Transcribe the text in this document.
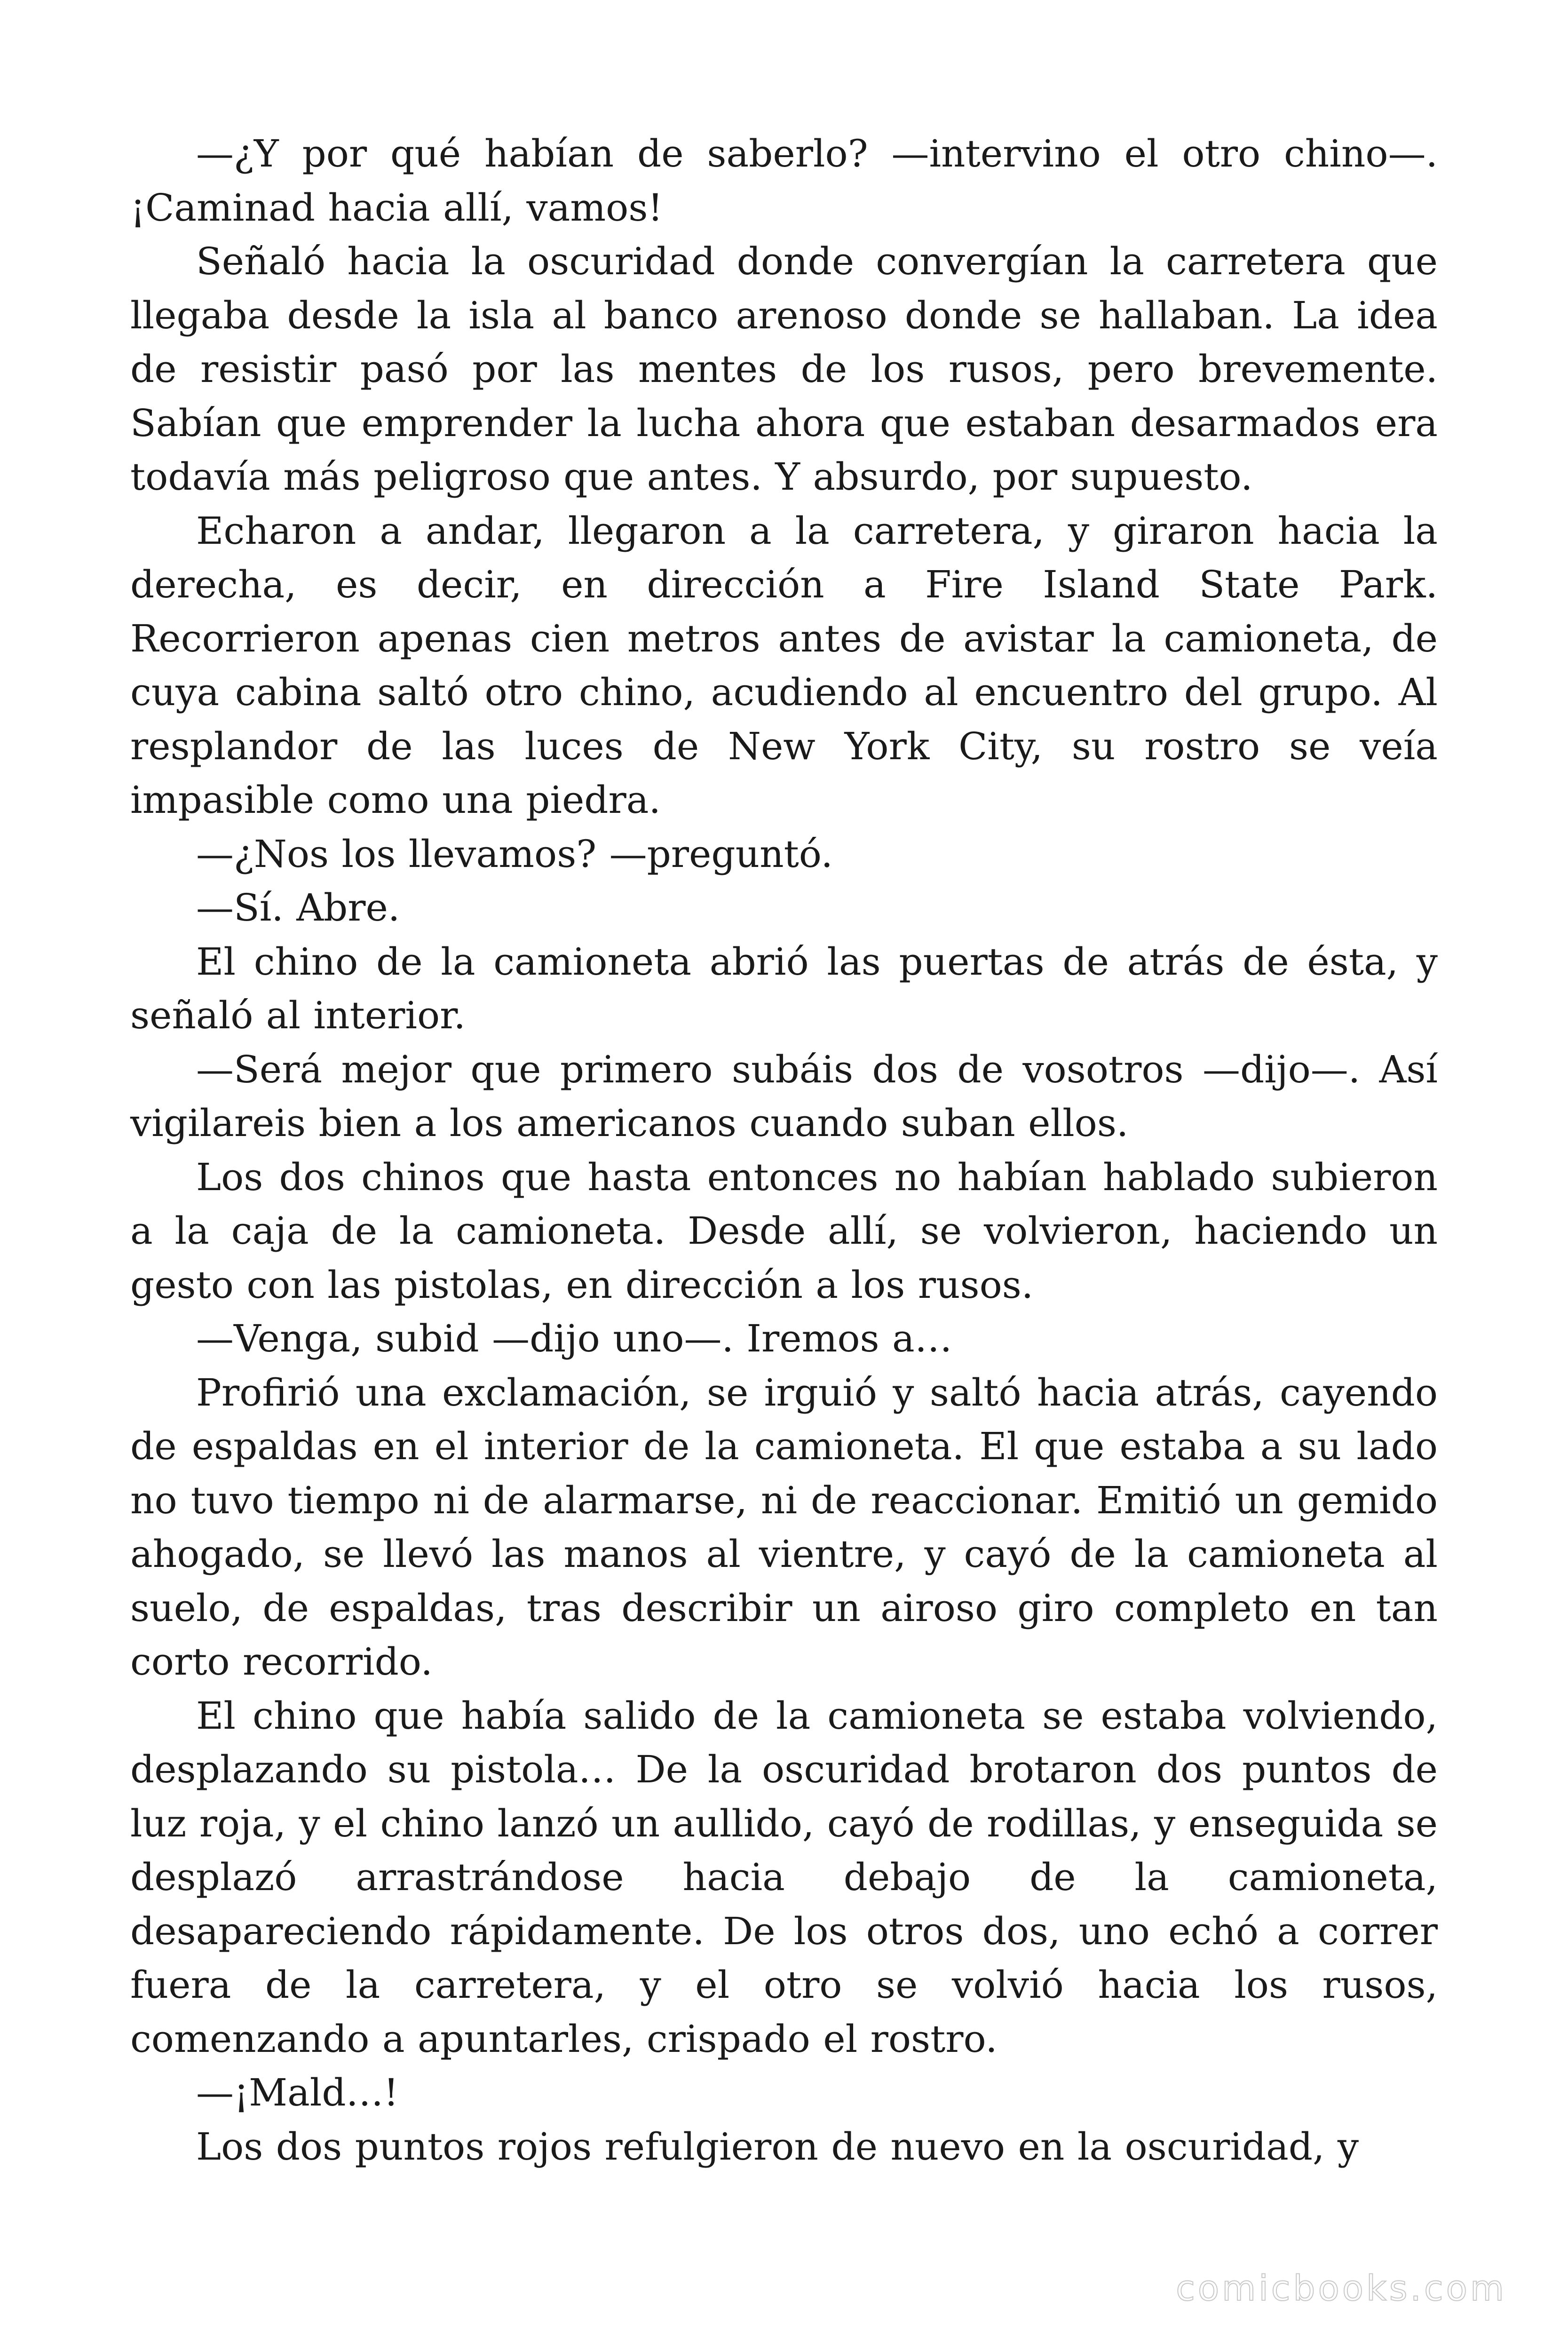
—¿Y por qué habían de saberlo? —intervino el otro chino—. ¡Caminad hacia allí, vamos!

Señaló hacia la oscuridad donde convergían la carretera que llegaba desde la isla al banco arenoso donde se hallaban. La idea de resistir pasó por las mentes de los rusos, pero brevemente. Sabían que emprender la lucha ahora que estaban desarmados era todavía más peligroso que antes. Y absurdo, por supuesto.

Echaron a andar, llegaron a la carretera, y giraron hacia la derecha, es decir, en dirección a Fire Island State Park. Recorrieron apenas cien metros antes de avistar la camioneta, de cuya cabina saltó otro chino, acudiendo al encuentro del grupo. Al resplandor de las luces de New York City, su rostro se veía impasible como una piedra.

—¿Nos los llevamos? —preguntó.

—Sí. Abre.

El chino de la camioneta abrió las puertas de atrás de ésta, y señaló al interior.

—Será mejor que primero subáis dos de vosotros —dijo—. Así vigilareis bien a los americanos cuando suban ellos.

Los dos chinos que hasta entonces no habían hablado subieron a la caja de la camioneta. Desde allí, se volvieron, haciendo un gesto con las pistolas, en dirección a los rusos.

—Venga, subid —dijo uno—. Iremos a…

Profirió una exclamación, se irguió y saltó hacia atrás, cayendo de espaldas en el interior de la camioneta. El que estaba a su lado no tuvo tiempo ni de alarmarse, ni de reaccionar. Emitió un gemido ahogado, se llevó las manos al vientre, y cayó de la camioneta al suelo, de espaldas, tras describir un airoso giro completo en tan corto recorrido.

El chino que había salido de la camioneta se estaba volviendo, desplazando su pistola… De la oscuridad brotaron dos puntos de luz roja, y el chino lanzó un aullido, cayó de rodillas, y enseguida se desplazó arrastrándose hacia debajo de la camioneta, desapareciendo rápidamente. De los otros dos, uno echó a correr fuera de la carretera, y el otro se volvió hacia los rusos, comenzando a apuntarles, crispado el rostro.

—¡Mald…!

Los dos puntos rojos refulgieron de nuevo en la oscuridad, y

comicbooks.com
